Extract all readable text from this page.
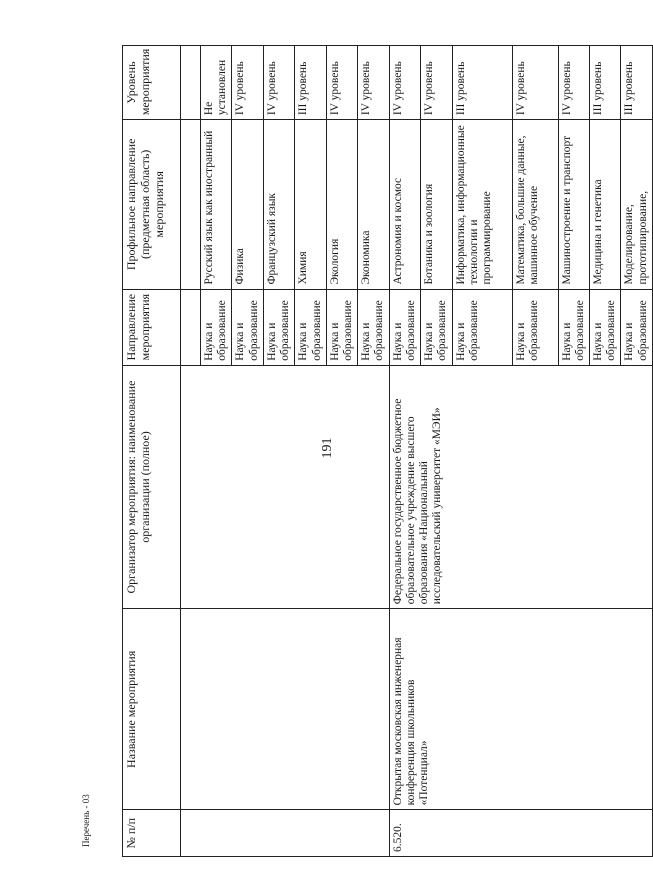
191
Перечень - 03	№ п/п	Название мероприятия	Организатор мероприятия: наименование организации (полное)	Направление мероприятия	Профильное направление (предметная область) мероприятия	Уровень мероприятия

			Наука и образование	Русский язык как иностранный	Не установлен
			Наука и образование	Физика	IV уровень
			Наука и образование	Французский язык	IV уровень
			Наука и образование	Химия	III уровень
			Наука и образование	Экология	IV уровень
			Наука и образование	Экономика	IV уровень
6.520.	Открытая московская инженерная конференция школьников «Потенциал»	Федеральное государственное бюджетное образовательное учреждение высшего образования «Национальный исследовательский университет «МЭИ»	Наука и образование	Астрономия и космос	IV уровень
			Наука и образование	Ботаника и зоология	IV уровень
			Наука и образование	Информатика, информационные технологии и программирование	III уровень
			Наука и образование	Математика, большие данные, машинное обучение	IV уровень
			Наука и образование	Машиностроение и транспорт	IV уровень
			Наука и образование	Медицина и генетика	III уровень
			Наука и образование	Моделирование, прототипирование,	III уровень
